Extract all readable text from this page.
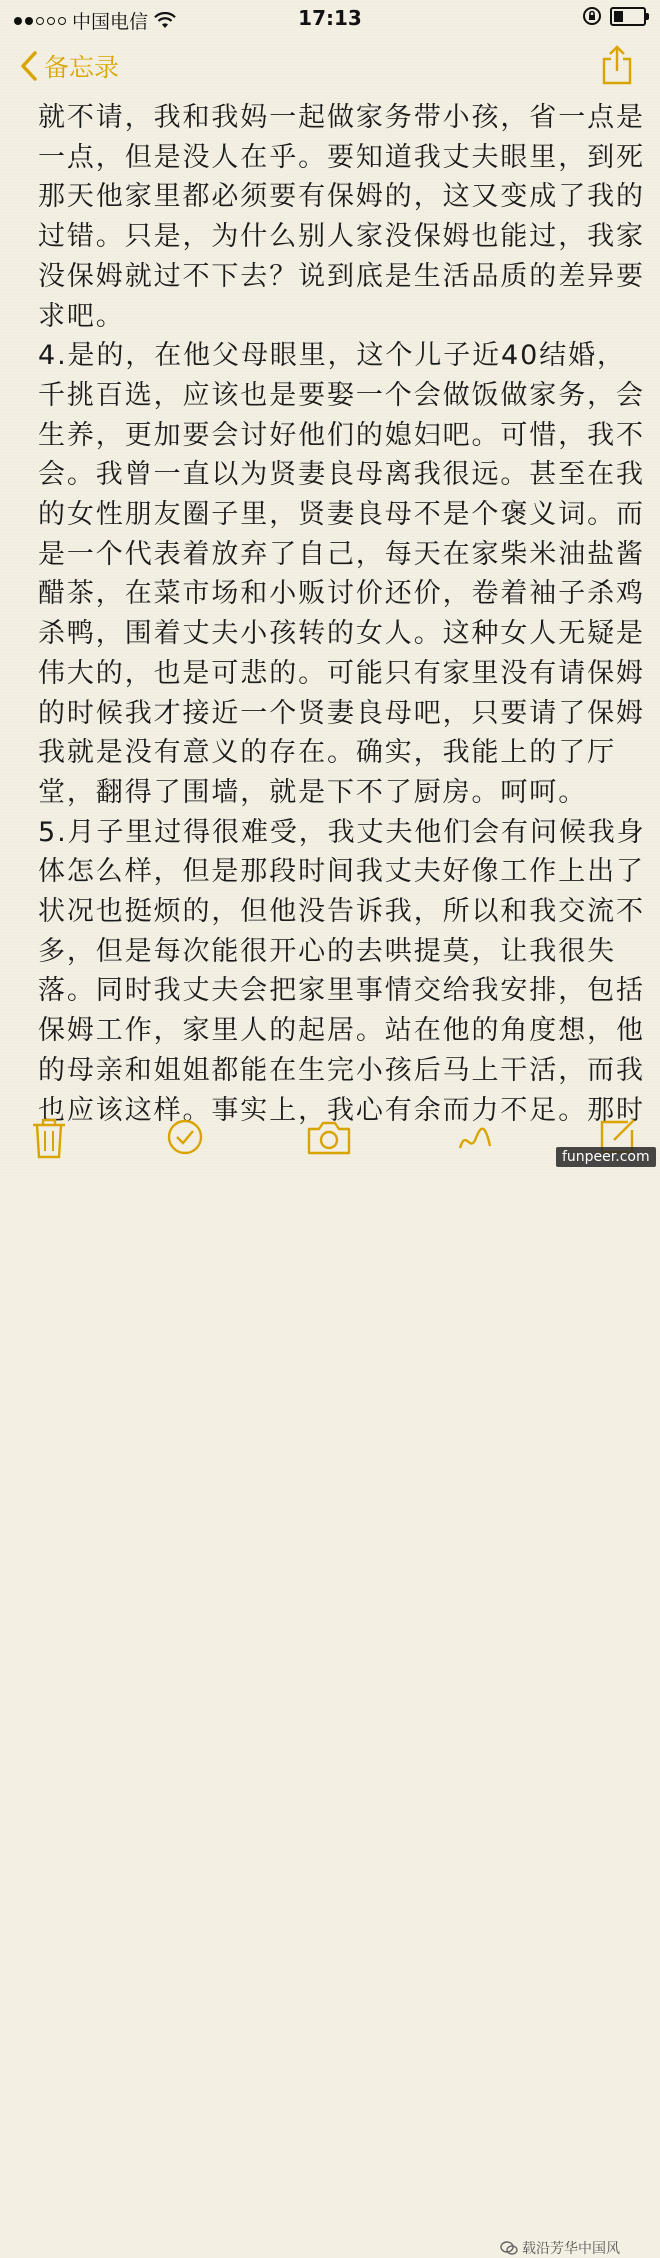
中国电信	17:13
备忘录

就不请，我和我妈一起做家务带小孩，省一点是

一点，但是没人在乎。要知道我丈夫眼里，到死

那天他家里都必须要有保姆的，这又变成了我的

过错。只是，为什么别人家没保姆也能过，我家

没保姆就过不下去？说到底是生活品质的差异要

求吧。

4.是的，在他父母眼里，这个儿子近40结婚，

千挑百选，应该也是要娶一个会做饭做家务，会

生养，更加要会讨好他们的媳妇吧。可惜，我不

会。我曾一直以为贤妻良母离我很远。甚至在我

的女性朋友圈子里，贤妻良母不是个褒义词。而

是一个代表着放弃了自己，每天在家柴米油盐酱

醋茶，在菜市场和小贩讨价还价，卷着袖子杀鸡

杀鸭，围着丈夫小孩转的女人。这种女人无疑是

伟大的，也是可悲的。可能只有家里没有请保姆

的时候我才接近一个贤妻良母吧，只要请了保姆

我就是没有意义的存在。确实，我能上的了厅

堂，翻得了围墙，就是下不了厨房。呵呵。

5.月子里过得很难受，我丈夫他们会有问候我身

体怎么样，但是那段时间我丈夫好像工作上出了

状况也挺烦的，但他没告诉我，所以和我交流不

多，但是每次能很开心的去哄提莫，让我很失

落。同时我丈夫会把家里事情交给我安排，包括

保姆工作，家里人的起居。站在他的角度想，他

的母亲和姐姐都能在生完小孩后马上干活，而我

也应该这样。事实上，我心有余而力不足。那时

载沿芳华中国风
funpeer.com
